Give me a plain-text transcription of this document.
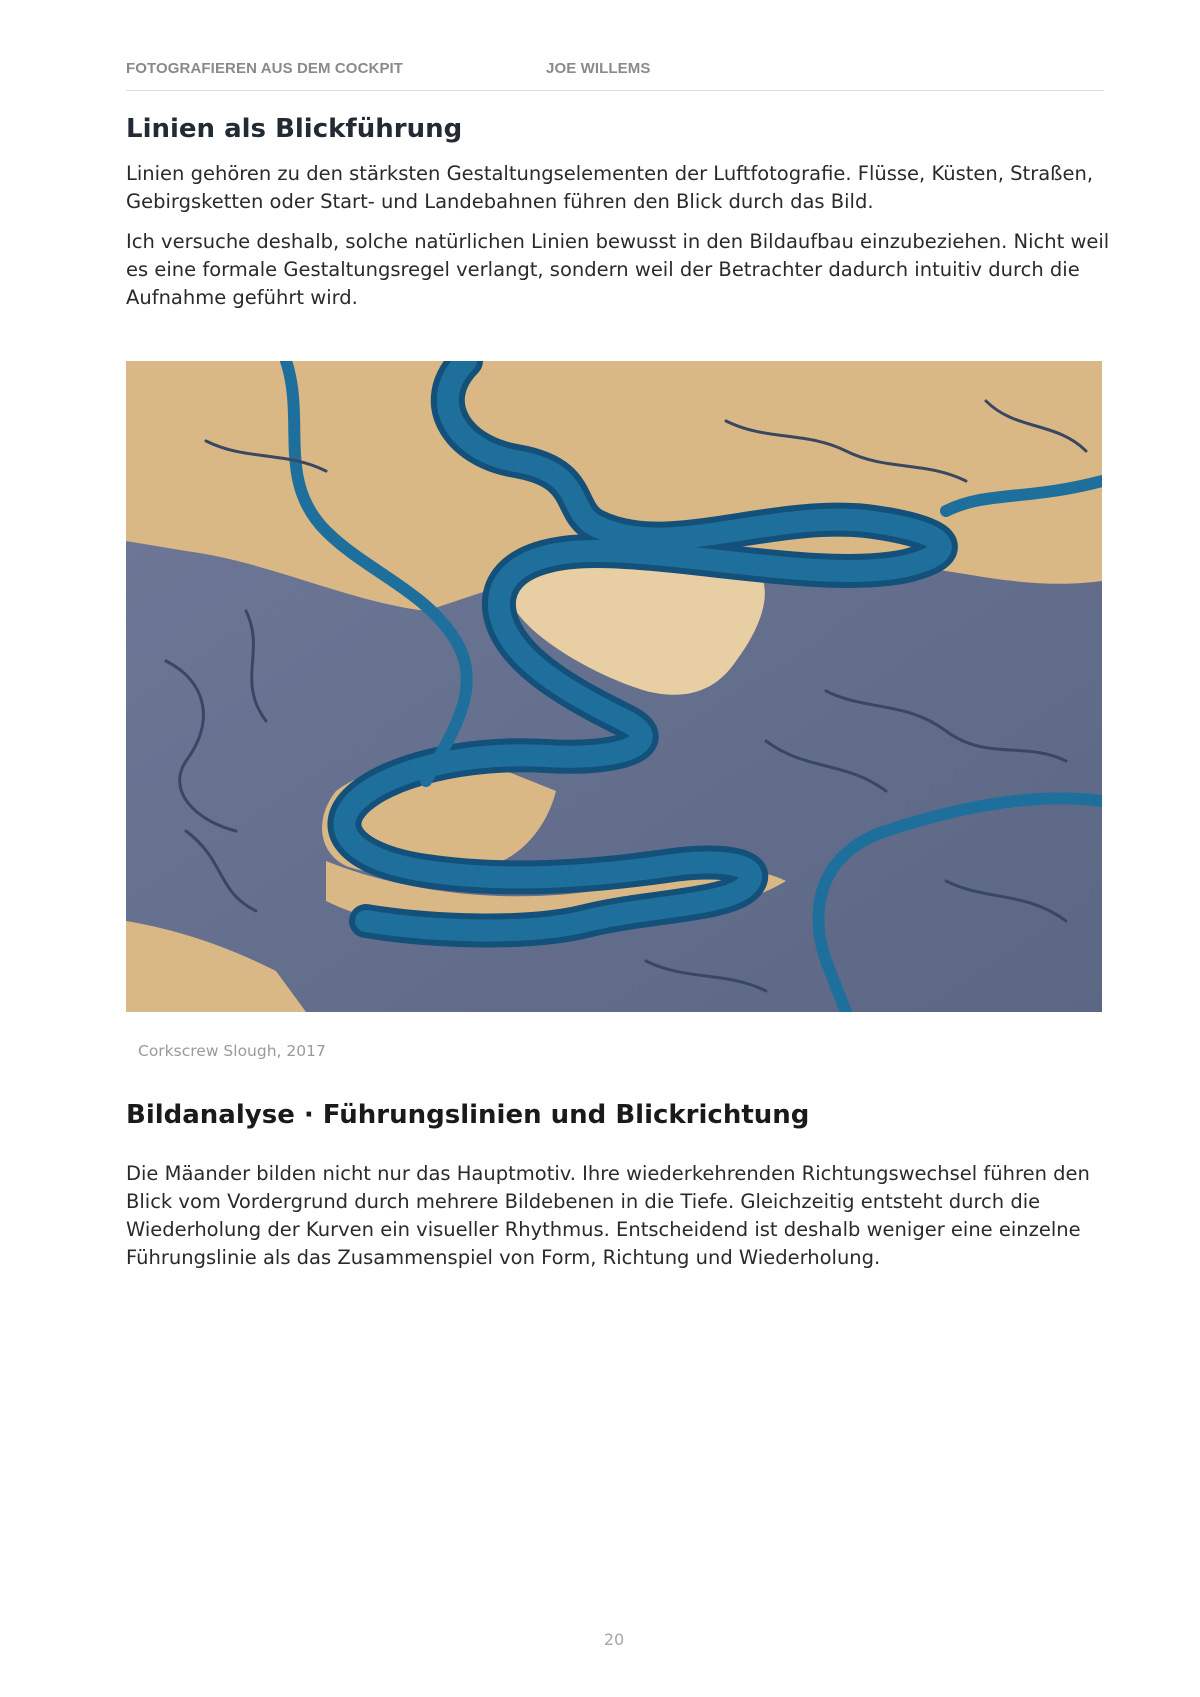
FOTOGRAFIEREN AUS DEM COCKPIT	JOE WILLEMS
Linien als Blickführung

Linien gehören zu den stärksten Gestaltungselementen der Luftfotografie. Flüsse, Küsten, Straßen, Gebirgsketten oder Start- und Landebahnen führen den Blick durch das Bild.

Ich versuche deshalb, solche natürlichen Linien bewusst in den Bildaufbau einzubeziehen. Nicht weil es eine formale Gestaltungsregel verlangt, sondern weil der Betrachter dadurch intuitiv durch die Aufnahme geführt wird.

Corkscrew Slough, 2017
Bildanalyse · Führungslinien und Blickrichtung

Die Mäander bilden nicht nur das Hauptmotiv. Ihre wiederkehrenden Richtungswechsel führen den Blick vom Vordergrund durch mehrere Bildebenen in die Tiefe. Gleichzeitig entsteht durch die Wiederholung der Kurven ein visueller Rhythmus. Entscheidend ist deshalb weniger eine einzelne Führungslinie als das Zusammenspiel von Form, Richtung und Wiederholung.

20
